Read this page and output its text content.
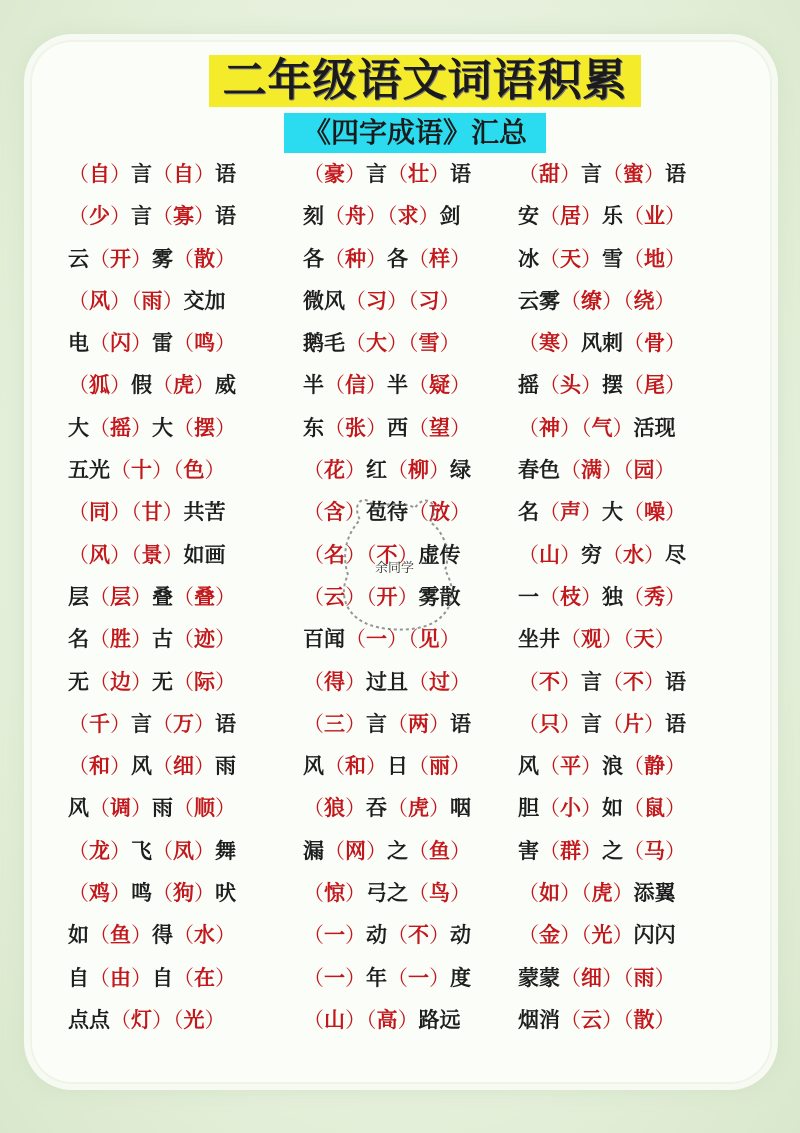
二年级语文词语积累
《四字成语》汇总
（自）言（自）语	（豪）言（壮）语 （甜）言（蜜）语
（少）言（寡）语	刻（舟）（求）剑	安（居）乐（业）
云（开）雾（散）	各（种）各（样） 冰（天）雪（地）
（风）（雨）交加	微风（习）（习）	云雾（缭）（绕）
电（闪）雷（鸣）	鹅毛（大）（雪）	（寒）风刺（骨）
（狐）假（虎）威	半（信）半（疑） 摇（头）摆（尾）
大（摇）大（摆）	东（张）西（望） （神）（气）活现
五光（十）（色）	（花）红（柳）绿 春色（满）（园）
（同）（甘）共苦	（含）苞待（放） 名（声）大（噪）
（风）（景）如画	（名）（不）虚传	（山）穷（水）尽
层（层）叠（叠）	（云）（开）雾散	一（枝）独（秀）
名（胜）古（迹）	百闻（一）（见）	坐井（观）（天）
无（边）无（际）	（得）过且（过） （不）言（不）语
（千）言（万）语	（三）言（两）语 （只）言（片）语
（和）风（细）雨	风（和）日（丽） 风（平）浪（静）
风（调）雨（顺）	（狼）吞（虎）咽 胆（小）如（鼠）
（龙）飞（凤）舞	漏（网）之（鱼） 害（群）之（马）
（鸡）鸣（狗）吠	（惊）弓之（鸟） （如）（虎）添翼
如（鱼）得（水）	（一）动（不）动 （金）（光）闪闪
自（由）自（在）	（一）年（一）度 蒙蒙（细）（雨）
点点（灯）（光）	（山）（高）路远	烟消（云）（散）
余同学
